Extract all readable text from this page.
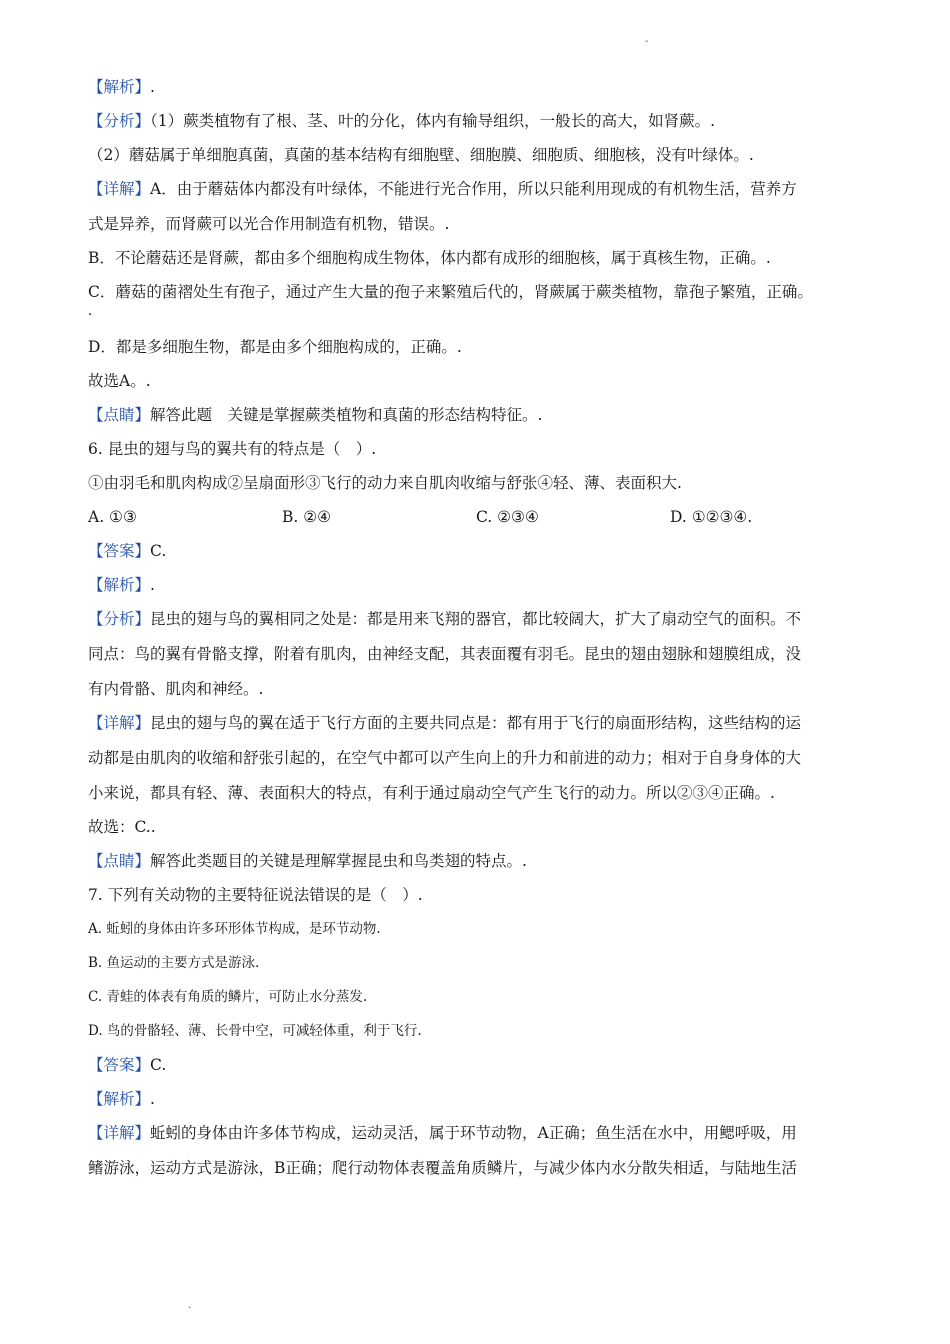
-
【解析】.
【分析】（1）蕨类植物有了根、茎、叶的分化，体内有输导组织，一般长的高大，如肾蕨。.
（2）蘑菇属于单细胞真菌，真菌的基本结构有细胞壁、细胞膜、细胞质、细胞核，没有叶绿体。.
【详解】A．由于蘑菇体内都没有叶绿体，不能进行光合作用，所以只能利用现成的有机物生活，营养方
式是异养，而肾蕨可以光合作用制造有机物，错误。.
B．不论蘑菇还是肾蕨，都由多个细胞构成生物体，体内都有成形的细胞核，属于真核生物，正确。.
C．蘑菇的菌褶处生有孢子，通过产生大量的孢子来繁殖后代的，肾蕨属于蕨类植物，靠孢子繁殖，正确。
.
D．都是多细胞生物，都是由多个细胞构成的，正确。.
故选A。.
【点睛】解答此题　关键是掌握蕨类植物和真菌的形态结构特征。.
6. 昆虫的翅与鸟的翼共有的特点是（　）.
①由羽毛和肌肉构成②呈扇面形③飞行的动力来自肌肉收缩与舒张④轻、薄、表面积大.
A. ①③	B. ②④	C. ②③④	D. ①②③④.
【答案】C.
【解析】.
【分析】昆虫的翅与鸟的翼相同之处是：都是用来飞翔的器官，都比较阔大，扩大了扇动空气的面积。不
同点：鸟的翼有骨骼支撑，附着有肌肉，由神经支配，其表面覆有羽毛。昆虫的翅由翅脉和翅膜组成，没
有内骨骼、肌肉和神经。.
【详解】昆虫的翅与鸟的翼在适于飞行方面的主要共同点是：都有用于飞行的扇面形结构，这些结构的运
动都是由肌肉的收缩和舒张引起的，在空气中都可以产生向上的升力和前进的动力；相对于自身身体的大
小来说，都具有轻、薄、表面积大的特点，有利于通过扇动空气产生飞行的动力。所以②③④正确。.
故选：C..
【点睛】解答此类题目的关键是理解掌握昆虫和鸟类翅的特点。.
7. 下列有关动物的主要特征说法错误的是（　）.
A. 蚯蚓的身体由许多环形体节构成，是环节动物.
B. 鱼运动的主要方式是游泳.
C. 青蛙的体表有角质的鳞片，可防止水分蒸发.
D. 鸟的骨骼轻、薄、长骨中空，可减轻体重，利于飞行.
【答案】C.
【解析】.
【详解】蚯蚓的身体由许多体节构成，运动灵活，属于环节动物，A正确；鱼生活在水中，用鳃呼吸，用
鳍游泳，运动方式是游泳，B正确；爬行动物体表覆盖角质鳞片，与减少体内水分散失相适，与陆地生活
.
